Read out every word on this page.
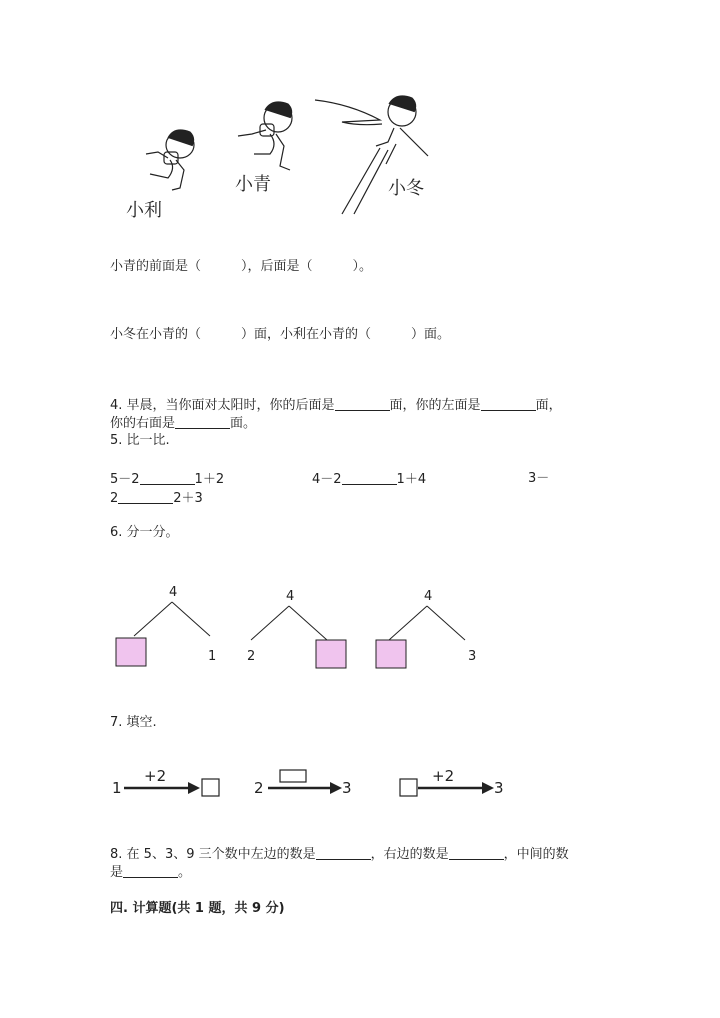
小利
小青	小冬
小青的前面是（	），后面是（	）。
小冬在小青的（	）面，小利在小青的（	）面。
4. 早晨，当你面对太阳时，你的后面是	面，你的左面是	面，
你的右面是	面。
5. 比一比.
5－2	1＋2	4－2	1＋4	3－
2	2＋3
6. 分一分。
4
1
4
2
4
3
7. 填空.
1
+2
2	3
+2
3
8. 在 5、3、9 三个数中左边的数是	，右边的数是	，中间的数
是	。
四. 计算题(共 1 题，共 9 分)
